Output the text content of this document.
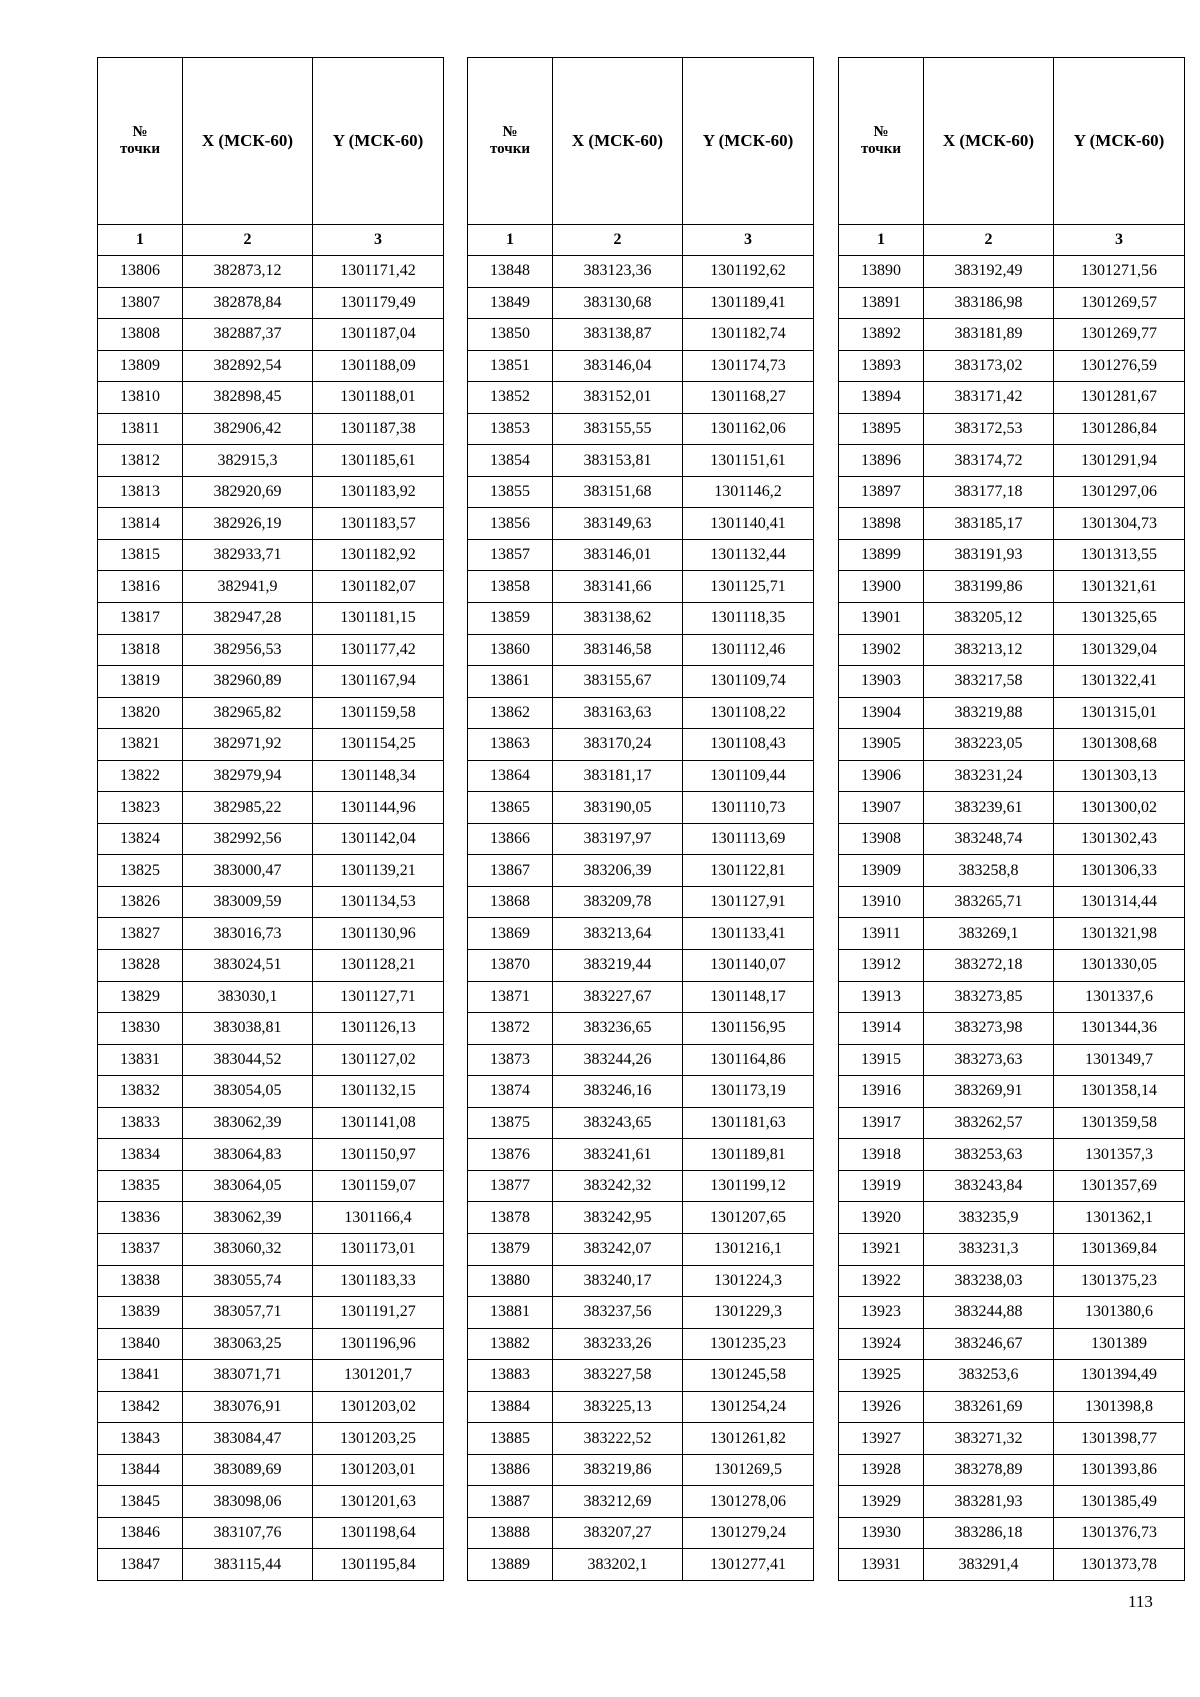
№
точки	X (МСК-60)	Y (МСК-60)
1	2	3
13806	382873,12	1301171,42
13807	382878,84	1301179,49
13808	382887,37	1301187,04
13809	382892,54	1301188,09
13810	382898,45	1301188,01
13811	382906,42	1301187,38
13812	382915,3	1301185,61
13813	382920,69	1301183,92
13814	382926,19	1301183,57
13815	382933,71	1301182,92
13816	382941,9	1301182,07
13817	382947,28	1301181,15
13818	382956,53	1301177,42
13819	382960,89	1301167,94
13820	382965,82	1301159,58
13821	382971,92	1301154,25
13822	382979,94	1301148,34
13823	382985,22	1301144,96
13824	382992,56	1301142,04
13825	383000,47	1301139,21
13826	383009,59	1301134,53
13827	383016,73	1301130,96
13828	383024,51	1301128,21
13829	383030,1	1301127,71
13830	383038,81	1301126,13
13831	383044,52	1301127,02
13832	383054,05	1301132,15
13833	383062,39	1301141,08
13834	383064,83	1301150,97
13835	383064,05	1301159,07
13836	383062,39	1301166,4
13837	383060,32	1301173,01
13838	383055,74	1301183,33
13839	383057,71	1301191,27
13840	383063,25	1301196,96
13841	383071,71	1301201,7
13842	383076,91	1301203,02
13843	383084,47	1301203,25
13844	383089,69	1301203,01
13845	383098,06	1301201,63
13846	383107,76	1301198,64
13847	383115,44	1301195,84
№
точки	X (МСК-60)	Y (МСК-60)
1	2	3
13848	383123,36	1301192,62
13849	383130,68	1301189,41
13850	383138,87	1301182,74
13851	383146,04	1301174,73
13852	383152,01	1301168,27
13853	383155,55	1301162,06
13854	383153,81	1301151,61
13855	383151,68	1301146,2
13856	383149,63	1301140,41
13857	383146,01	1301132,44
13858	383141,66	1301125,71
13859	383138,62	1301118,35
13860	383146,58	1301112,46
13861	383155,67	1301109,74
13862	383163,63	1301108,22
13863	383170,24	1301108,43
13864	383181,17	1301109,44
13865	383190,05	1301110,73
13866	383197,97	1301113,69
13867	383206,39	1301122,81
13868	383209,78	1301127,91
13869	383213,64	1301133,41
13870	383219,44	1301140,07
13871	383227,67	1301148,17
13872	383236,65	1301156,95
13873	383244,26	1301164,86
13874	383246,16	1301173,19
13875	383243,65	1301181,63
13876	383241,61	1301189,81
13877	383242,32	1301199,12
13878	383242,95	1301207,65
13879	383242,07	1301216,1
13880	383240,17	1301224,3
13881	383237,56	1301229,3
13882	383233,26	1301235,23
13883	383227,58	1301245,58
13884	383225,13	1301254,24
13885	383222,52	1301261,82
13886	383219,86	1301269,5
13887	383212,69	1301278,06
13888	383207,27	1301279,24
13889	383202,1	1301277,41
№
точки	X (МСК-60)	Y (МСК-60)
1	2	3
13890	383192,49	1301271,56
13891	383186,98	1301269,57
13892	383181,89	1301269,77
13893	383173,02	1301276,59
13894	383171,42	1301281,67
13895	383172,53	1301286,84
13896	383174,72	1301291,94
13897	383177,18	1301297,06
13898	383185,17	1301304,73
13899	383191,93	1301313,55
13900	383199,86	1301321,61
13901	383205,12	1301325,65
13902	383213,12	1301329,04
13903	383217,58	1301322,41
13904	383219,88	1301315,01
13905	383223,05	1301308,68
13906	383231,24	1301303,13
13907	383239,61	1301300,02
13908	383248,74	1301302,43
13909	383258,8	1301306,33
13910	383265,71	1301314,44
13911	383269,1	1301321,98
13912	383272,18	1301330,05
13913	383273,85	1301337,6
13914	383273,98	1301344,36
13915	383273,63	1301349,7
13916	383269,91	1301358,14
13917	383262,57	1301359,58
13918	383253,63	1301357,3
13919	383243,84	1301357,69
13920	383235,9	1301362,1
13921	383231,3	1301369,84
13922	383238,03	1301375,23
13923	383244,88	1301380,6
13924	383246,67	1301389
13925	383253,6	1301394,49
13926	383261,69	1301398,8
13927	383271,32	1301398,77
13928	383278,89	1301393,86
13929	383281,93	1301385,49
13930	383286,18	1301376,73
13931	383291,4	1301373,78
113
